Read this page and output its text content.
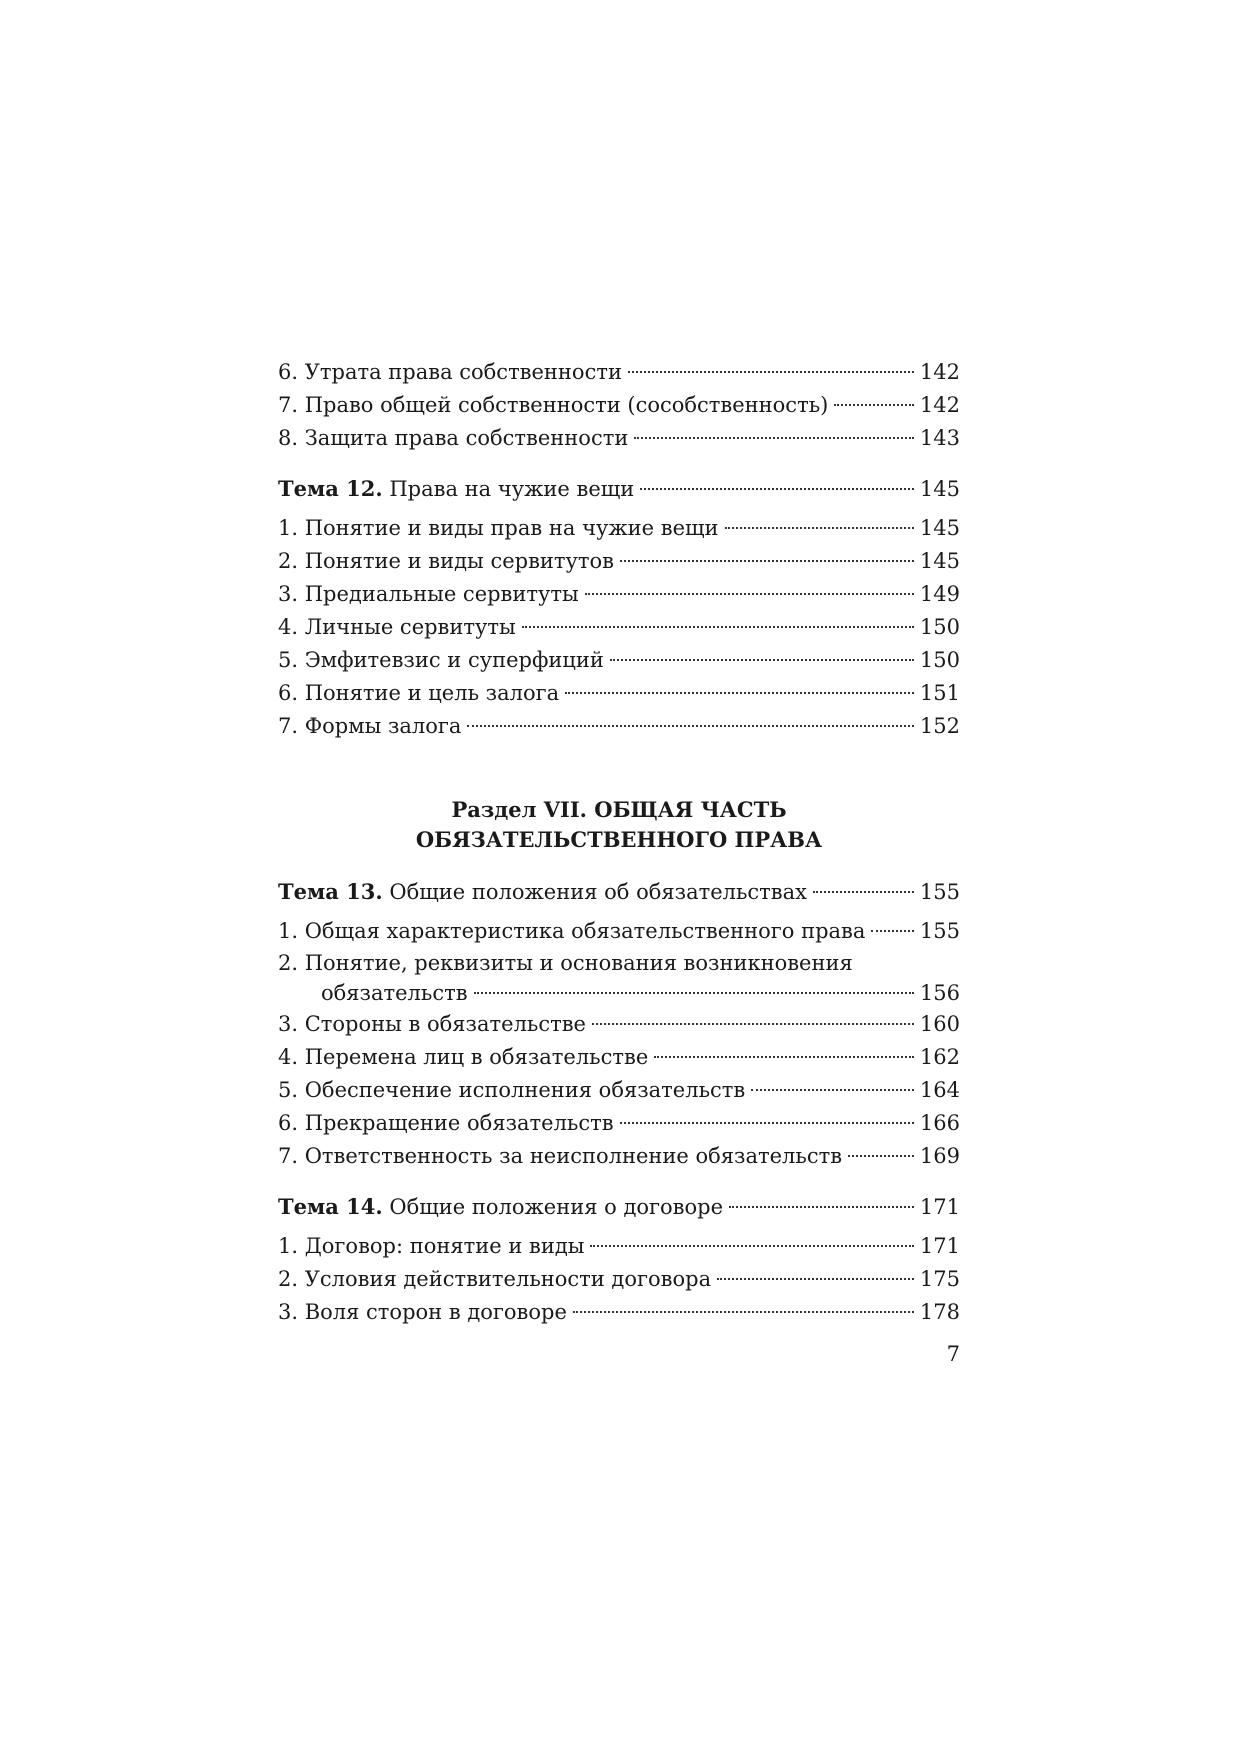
6. Утрата права собственности	142
7. Право общей собственности (сособственность)	142
8. Защита права собственности	143
Тема 12. Права на чужие вещи	145
1. Понятие и виды прав на чужие вещи	145
2. Понятие и виды сервитутов	145
3. Предиальные сервитуты	149
4. Личные сервитуты	150
5. Эмфитевзис и суперфиций	150
6. Понятие и цель залога	151
7. Формы залога	152
Раздел VII. ОБЩАЯ ЧАСТЬ
ОБЯЗАТЕЛЬСТВЕННОГО ПРАВА
Тема 13. Общие положения об обязательствах	155
1. Общая характеристика обязательственного права	155
2. Понятие, реквизиты и основания возникновения
обязательств	156
3. Стороны в обязательстве	160
4. Перемена лиц в обязательстве	162
5. Обеспечение исполнения обязательств	164
6. Прекращение обязательств	166
7. Ответственность за неисполнение обязательств	169
Тема 14. Общие положения о договоре	171
1. Договор: понятие и виды	171
2. Условия действительности договора	175
3. Воля сторон в договоре	178
7
